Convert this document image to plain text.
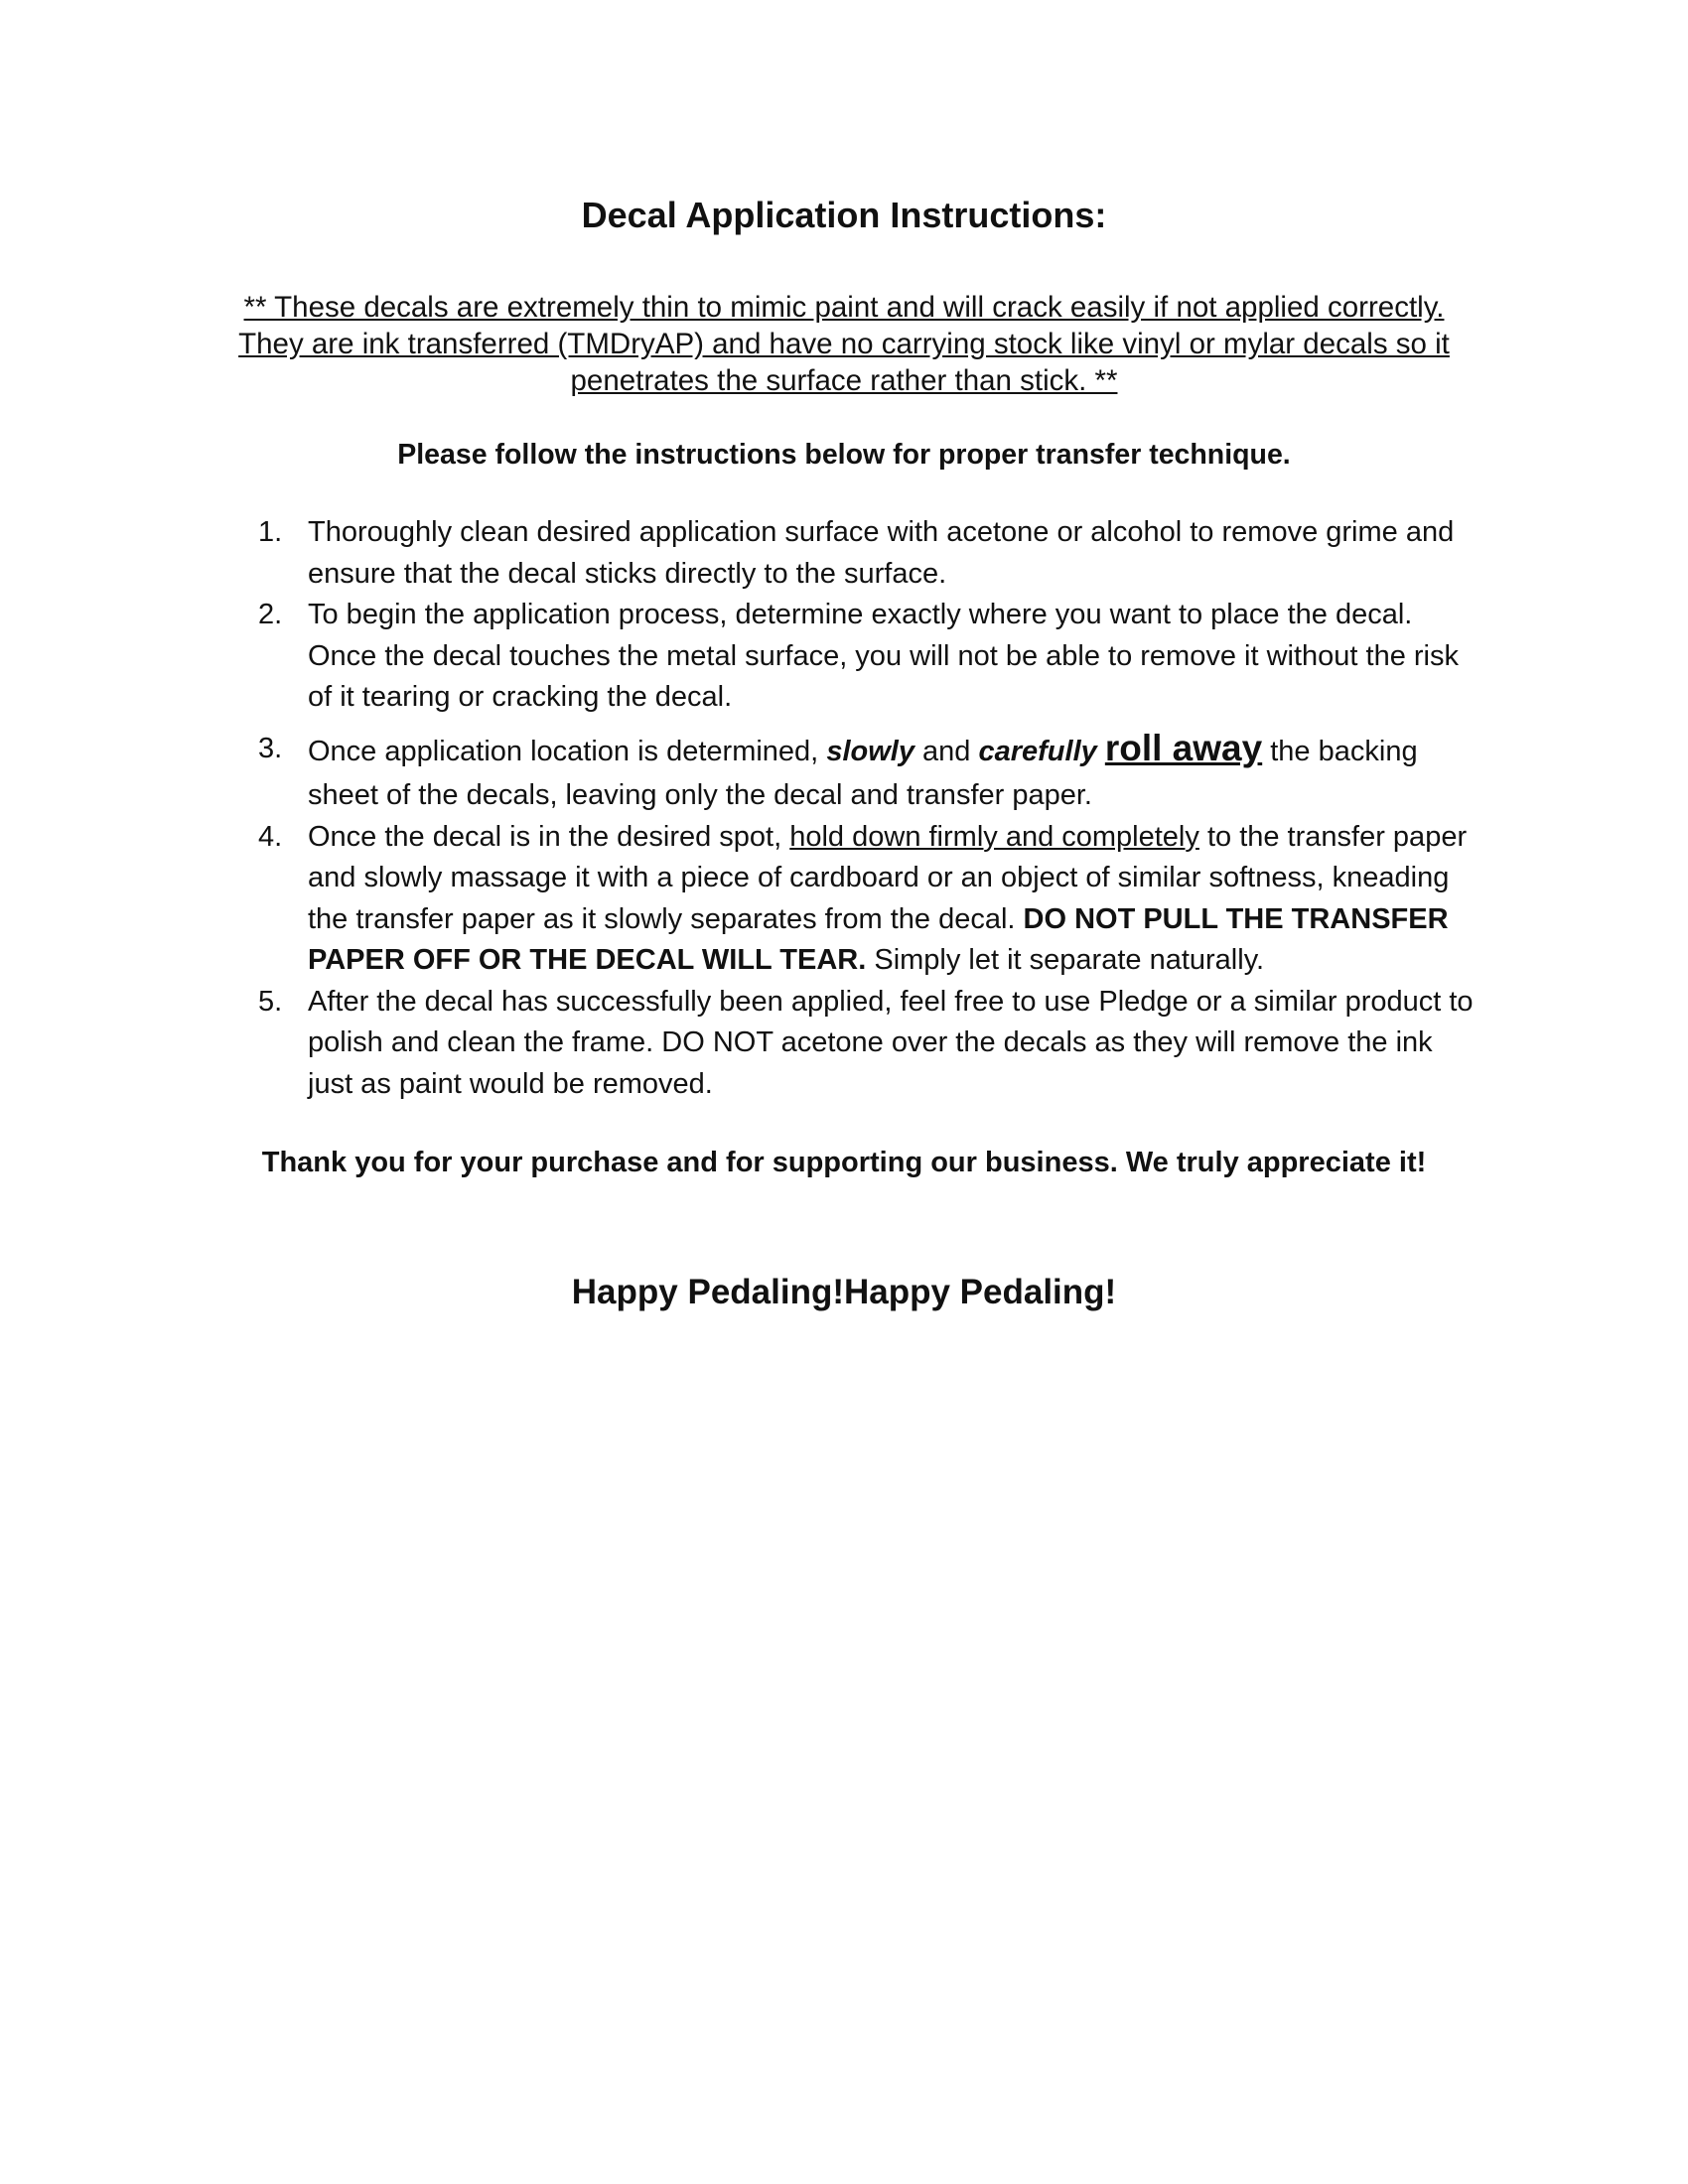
Decal Application Instructions:

** These decals are extremely thin to mimic paint and will crack easily if not applied correctly.
They are ink transferred (TMDryAP) and have no carrying stock like vinyl or mylar decals so it
penetrates the surface rather than stick. **

Please follow the instructions below for proper transfer technique.

1. Thoroughly clean desired application surface with acetone or alcohol to remove grime and ensure that the decal sticks directly to the surface.
2. To begin the application process, determine exactly where you want to place the decal. Once the decal touches the metal surface, you will not be able to remove it without the risk of it tearing or cracking the decal.
3. Once application location is determined, slowly and carefully roll away the backing sheet of the decals, leaving only the decal and transfer paper.
4. Once the decal is in the desired spot, hold down firmly and completely to the transfer paper and slowly massage it with a piece of cardboard or an object of similar softness, kneading the transfer paper as it slowly separates from the decal. DO NOT PULL THE TRANSFER PAPER OFF OR THE DECAL WILL TEAR. Simply let it separate naturally.
5. After the decal has successfully been applied, feel free to use Pledge or a similar product to polish and clean the frame. DO NOT acetone over the decals as they will remove the ink just as paint would be removed.

Thank you for your purchase and for supporting our business. We truly appreciate it!

Happy Pedaling!Happy Pedaling!
